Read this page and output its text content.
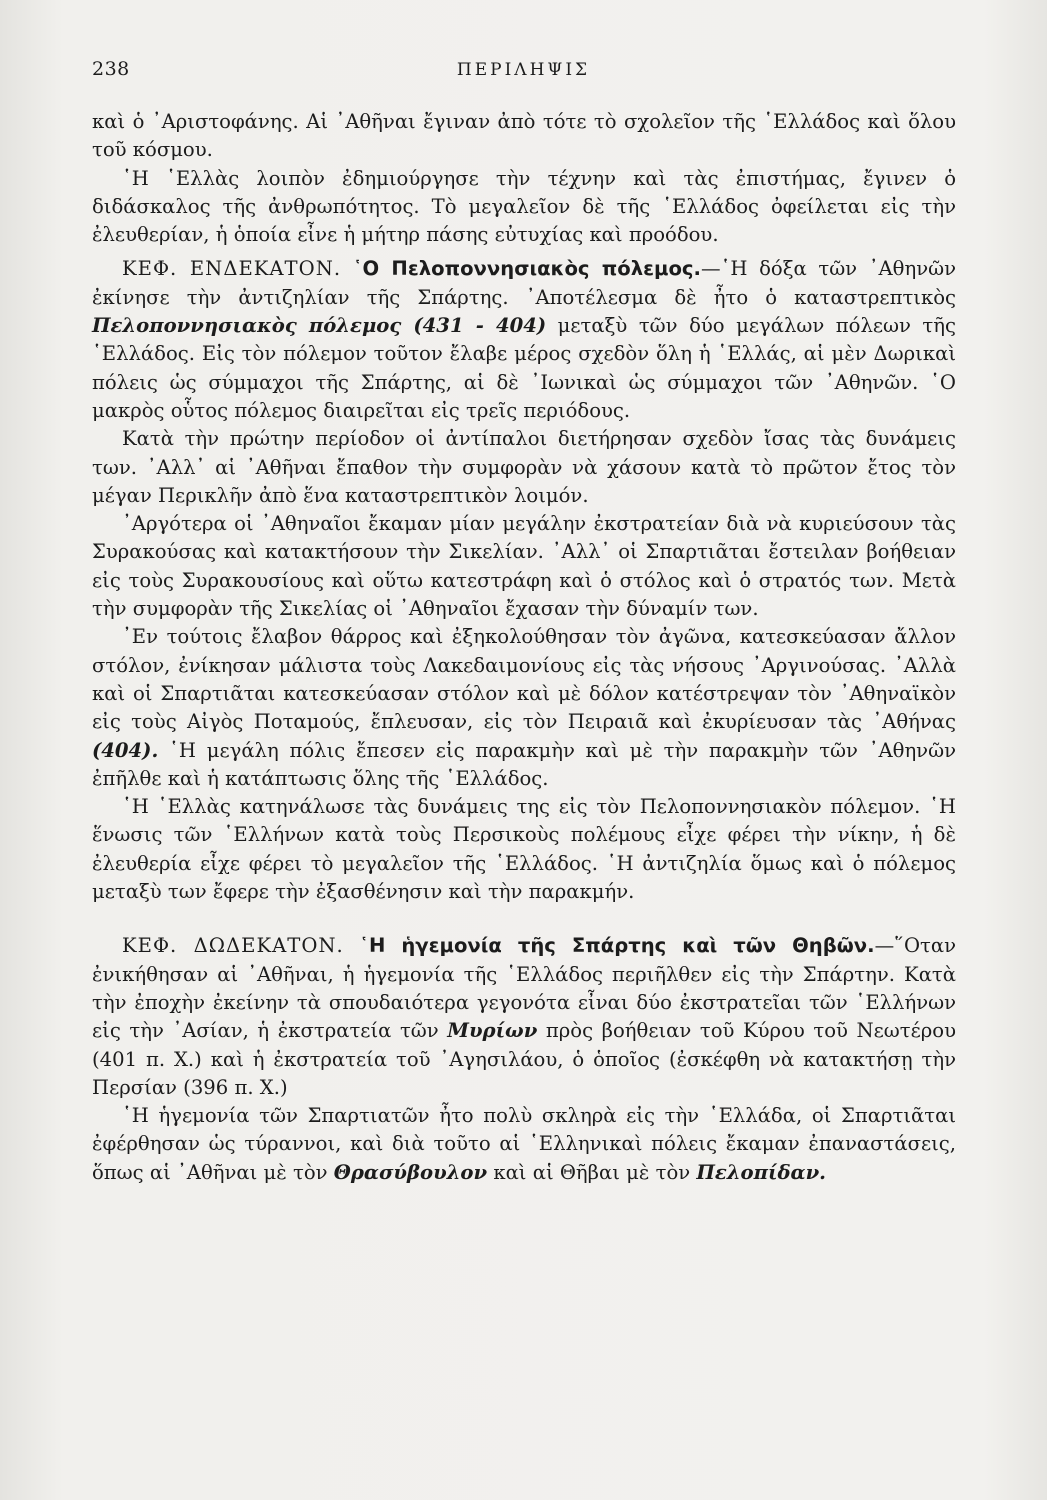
238	ΠΕΡΙΛΗΨΙΣ

καὶ ὁ ᾿Αριστοφάνης. Αἱ ᾿Αθῆναι ἔγιναν ἀπὸ τότε τὸ σχολεῖον τῆς ῾Ελλάδος καὶ ὅλου τοῦ κόσμου.

῾Η ῾Ελλὰς λοιπὸν ἐδημιούργησε τὴν τέχνην καὶ τὰς ἐπιστήμας, ἔγινεν ὁ διδάσκαλος τῆς ἀνθρωπότητος. Τὸ μεγαλεῖον δὲ τῆς ῾Ελλάδος ὀφείλεται εἰς τὴν ἐλευθερίαν, ἡ ὁποία εἶνε ἡ μήτηρ πάσης εὐτυχίας καὶ προόδου.

ΚΕΦ. ΕΝΔΕΚΑΤΟΝ. ῾Ο Πελοποννησιακὸς πόλεμος.—῾Η δόξα τῶν ᾿Αθηνῶν ἐκίνησε τὴν ἀντιζηλίαν τῆς Σπάρτης. ᾿Αποτέλεσμα δὲ ἦτο ὁ καταστρεπτικὸς Πελοποννησιακὸς πόλεμος (431 - 404) μεταξὺ τῶν δύο μεγάλων πόλεων τῆς ῾Ελλάδος. Εἰς τὸν πόλεμον τοῦτον ἔλαβε μέρος σχεδὸν ὅλη ἡ ῾Ελλάς, αἱ μὲν Δωρικαὶ πόλεις ὡς σύμμαχοι τῆς Σπάρτης, αἱ δὲ ᾿Ιωνικαὶ ὡς σύμμαχοι τῶν ᾿Αθηνῶν. ῾Ο μακρὸς οὗτος πόλεμος διαιρεῖται εἰς τρεῖς περιόδους.

Κατὰ τὴν πρώτην περίοδον οἱ ἀντίπαλοι διετήρησαν σχεδὸν ἴσας τὰς δυνάμεις των. ᾿Αλλ᾿ αἱ ᾿Αθῆναι ἔπαθον τὴν συμφορὰν νὰ χάσουν κατὰ τὸ πρῶτον ἔτος τὸν μέγαν Περικλῆν ἀπὸ ἕνα καταστρεπτικὸν λοιμόν.

᾿Αργότερα οἱ ᾿Αθηναῖοι ἔκαμαν μίαν μεγάλην ἐκστρατείαν διὰ νὰ κυριεύσουν τὰς Συρακούσας καὶ κατακτήσουν τὴν Σικελίαν. ᾿Αλλ᾿ οἱ Σπαρτιᾶται ἔστειλαν βοήθειαν εἰς τοὺς Συρακουσίους καὶ οὕτω κατεστράφη καὶ ὁ στόλος καὶ ὁ στρατός των. Μετὰ τὴν συμφορὰν τῆς Σικελίας οἱ ᾿Αθηναῖοι ἔχασαν τὴν δύναμίν των.

᾿Εν τούτοις ἔλαβον θάρρος καὶ ἐξηκολούθησαν τὸν ἀγῶνα, κατεσκεύασαν ἄλλον στόλον, ἐνίκησαν μάλιστα τοὺς Λακεδαιμονίους εἰς τὰς νήσους ᾿Αργινούσας. ᾿Αλλὰ καὶ οἱ Σπαρτιᾶται κατεσκεύασαν στόλον καὶ μὲ δόλον κατέστρεψαν τὸν ᾿Αθηναϊκὸν εἰς τοὺς Αἰγὸς Ποταμούς, ἔπλευσαν, εἰς τὸν Πειραιᾶ καὶ ἐκυρίευσαν τὰς ᾿Αθήνας (404). ῾Η μεγάλη πόλις ἔπεσεν εἰς παρακμὴν καὶ μὲ τὴν παρακμὴν τῶν ᾿Αθηνῶν ἐπῆλθε καὶ ἡ κατάπτωσις ὅλης τῆς ῾Ελλάδος.

῾Η ῾Ελλὰς κατηνάλωσε τὰς δυνάμεις της εἰς τὸν Πελοποννησιακὸν πόλεμον. ῾Η ἕνωσις τῶν ῾Ελλήνων κατὰ τοὺς Περσικοὺς πολέμους εἶχε φέρει τὴν νίκην, ἡ δὲ ἐλευθερία εἶχε φέρει τὸ μεγαλεῖον τῆς ῾Ελλάδος. ῾Η ἀντιζηλία ὅμως καὶ ὁ πόλεμος μεταξὺ των ἔφερε τὴν ἐξασθένησιν καὶ τὴν παρακμήν.

ΚΕΦ. ΔΩΔΕΚΑΤΟΝ. ῾Η ἡγεμονία τῆς Σπάρτης καὶ τῶν Θηβῶν.—῞Οταν ἐνικήθησαν αἱ ᾿Αθῆναι, ἡ ἡγεμονία τῆς ῾Ελλάδος περιῆλθεν εἰς τὴν Σπάρτην. Κατὰ τὴν ἐποχὴν ἐκείνην τὰ σπουδαιότερα γεγονότα εἶναι δύο ἐκστρατεῖαι τῶν ῾Ελλήνων εἰς τὴν ᾿Ασίαν, ἡ ἐκστρατεία τῶν Μυρίων πρὸς βοήθειαν τοῦ Κύρου τοῦ Νεωτέρου (401 π. Χ.) καὶ ἡ ἐκστρατεία τοῦ ᾿Αγησιλάου, ὁ ὁποῖος (ἐσκέφθη νὰ κατακτήσῃ τὴν Περσίαν (396 π. Χ.)

῾Η ἡγεμονία τῶν Σπαρτιατῶν ἦτο πολὺ σκληρὰ εἰς τὴν ῾Ελλάδα, οἱ Σπαρτιᾶται ἐφέρθησαν ὡς τύραννοι, καὶ διὰ τοῦτο αἱ ῾Ελληνικαὶ πόλεις ἔκαμαν ἐπαναστάσεις, ὅπως αἱ ᾿Αθῆναι μὲ τὸν Θρασύβουλον καὶ αἱ Θῆβαι μὲ τὸν Πελοπίδαν.
